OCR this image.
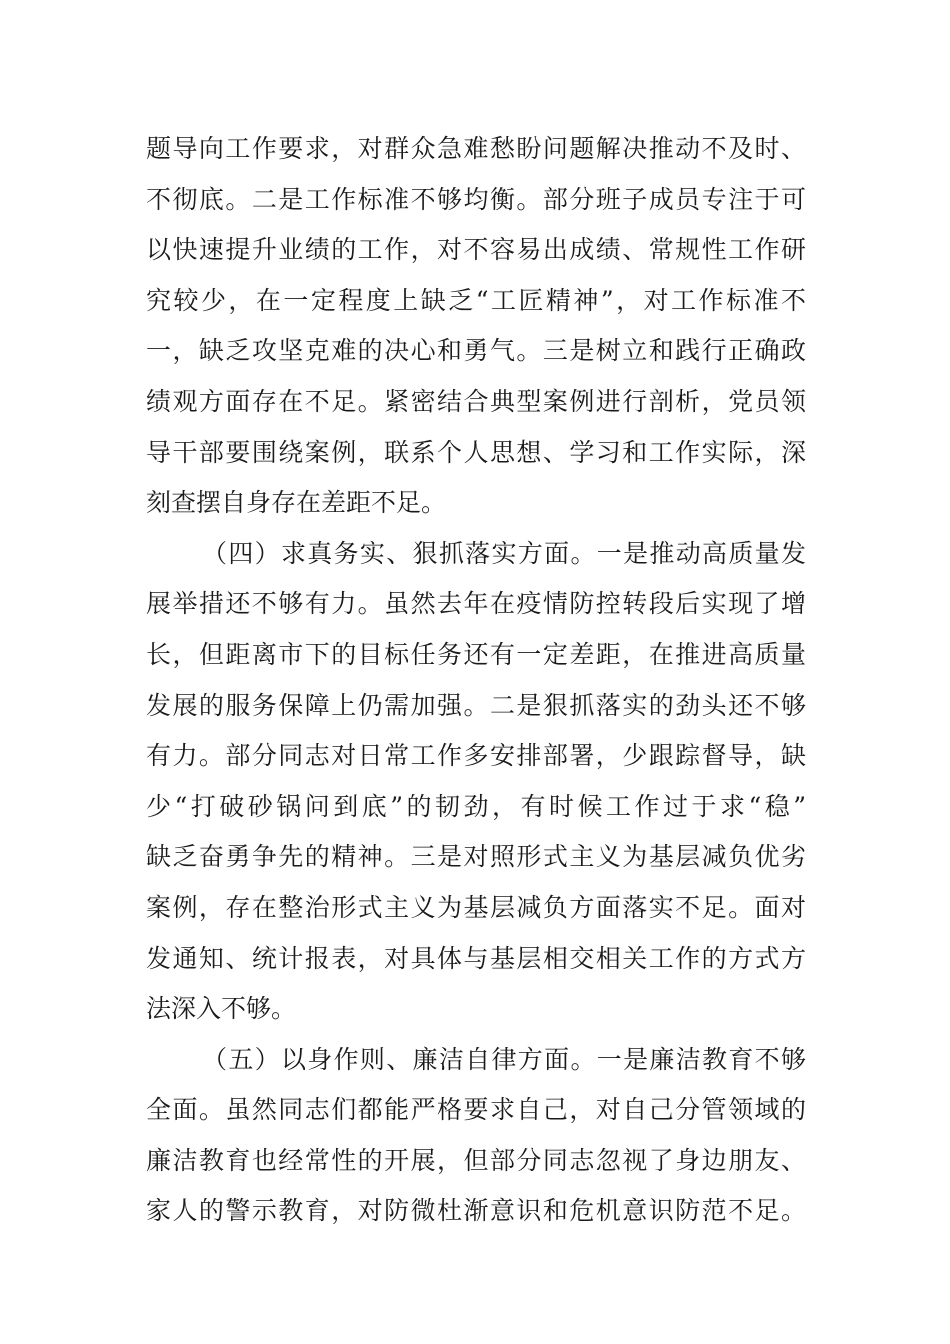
题导向工作要求，对群众急难愁盼问题解决推动不及时、
不彻底。二是工作标准不够均衡。部分班子成员专注于可
以快速提升业绩的工作，对不容易出成绩、常规性工作研
究较少，在一定程度上缺乏“工匠精神”，对工作标准不
一，缺乏攻坚克难的决心和勇气。三是树立和践行正确政
绩观方面存在不足。紧密结合典型案例进行剖析，党员领
导干部要围绕案例，联系个人思想、学习和工作实际，深
刻查摆自身存在差距不足。
（四）求真务实、狠抓落实方面。一是推动高质量发
展举措还不够有力。虽然去年在疫情防控转段后实现了增
长，但距离市下的目标任务还有一定差距，在推进高质量
发展的服务保障上仍需加强。二是狠抓落实的劲头还不够
有力。部分同志对日常工作多安排部署，少跟踪督导，缺
少“打破砂锅问到底”的韧劲，有时候工作过于求“稳”
缺乏奋勇争先的精神。三是对照形式主义为基层减负优劣
案例，存在整治形式主义为基层减负方面落实不足。面对
发通知、统计报表，对具体与基层相交相关工作的方式方
法深入不够。
（五）以身作则、廉洁自律方面。一是廉洁教育不够
全面。虽然同志们都能严格要求自己，对自己分管领域的
廉洁教育也经常性的开展，但部分同志忽视了身边朋友、
家人的警示教育，对防微杜渐意识和危机意识防范不足。
